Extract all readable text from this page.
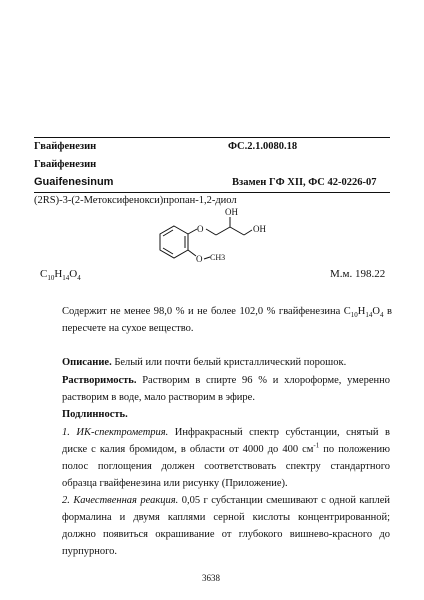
Гвайфенезин	ФС.2.1.0080.18
Гвайфенезин
Guaifenesinum	Взамен ГФ XII, ФС 42-0226-07
(2RS)-3-(2-Метоксифенокси)пропан-1,2-диол
OH
OH
O
O CH3
$C_{10}H_{14}O_4$	М.м. 198.22
Содержит не менее 98,0 % и не более 102,0 % гвайфенезина $C_{10}H_{14}O_4$ в пересчете на сухое вещество.
Описание. Белый или почти белый кристаллический порошок.
Растворимость. Растворим в спирте 96 % и хлороформе, умеренно растворим в воде, мало растворим в эфире.
Подлинность.
1. ИК-спектрометрия. Инфракрасный спектр субстанции, снятый в диске с калия бромидом, в области от 4000 до 400 $см^{-1}$ по положению полос поглощения должен соответствовать спектру стандартного образца гвайфенезина или рисунку (Приложение).
2. Качественная реакция. 0,05 г субстанции смешивают с одной каплей формалина и двумя каплями серной кислоты концентрированной; должно появиться окрашивание от глубокого вишнево-красного до пурпурного.
3638
